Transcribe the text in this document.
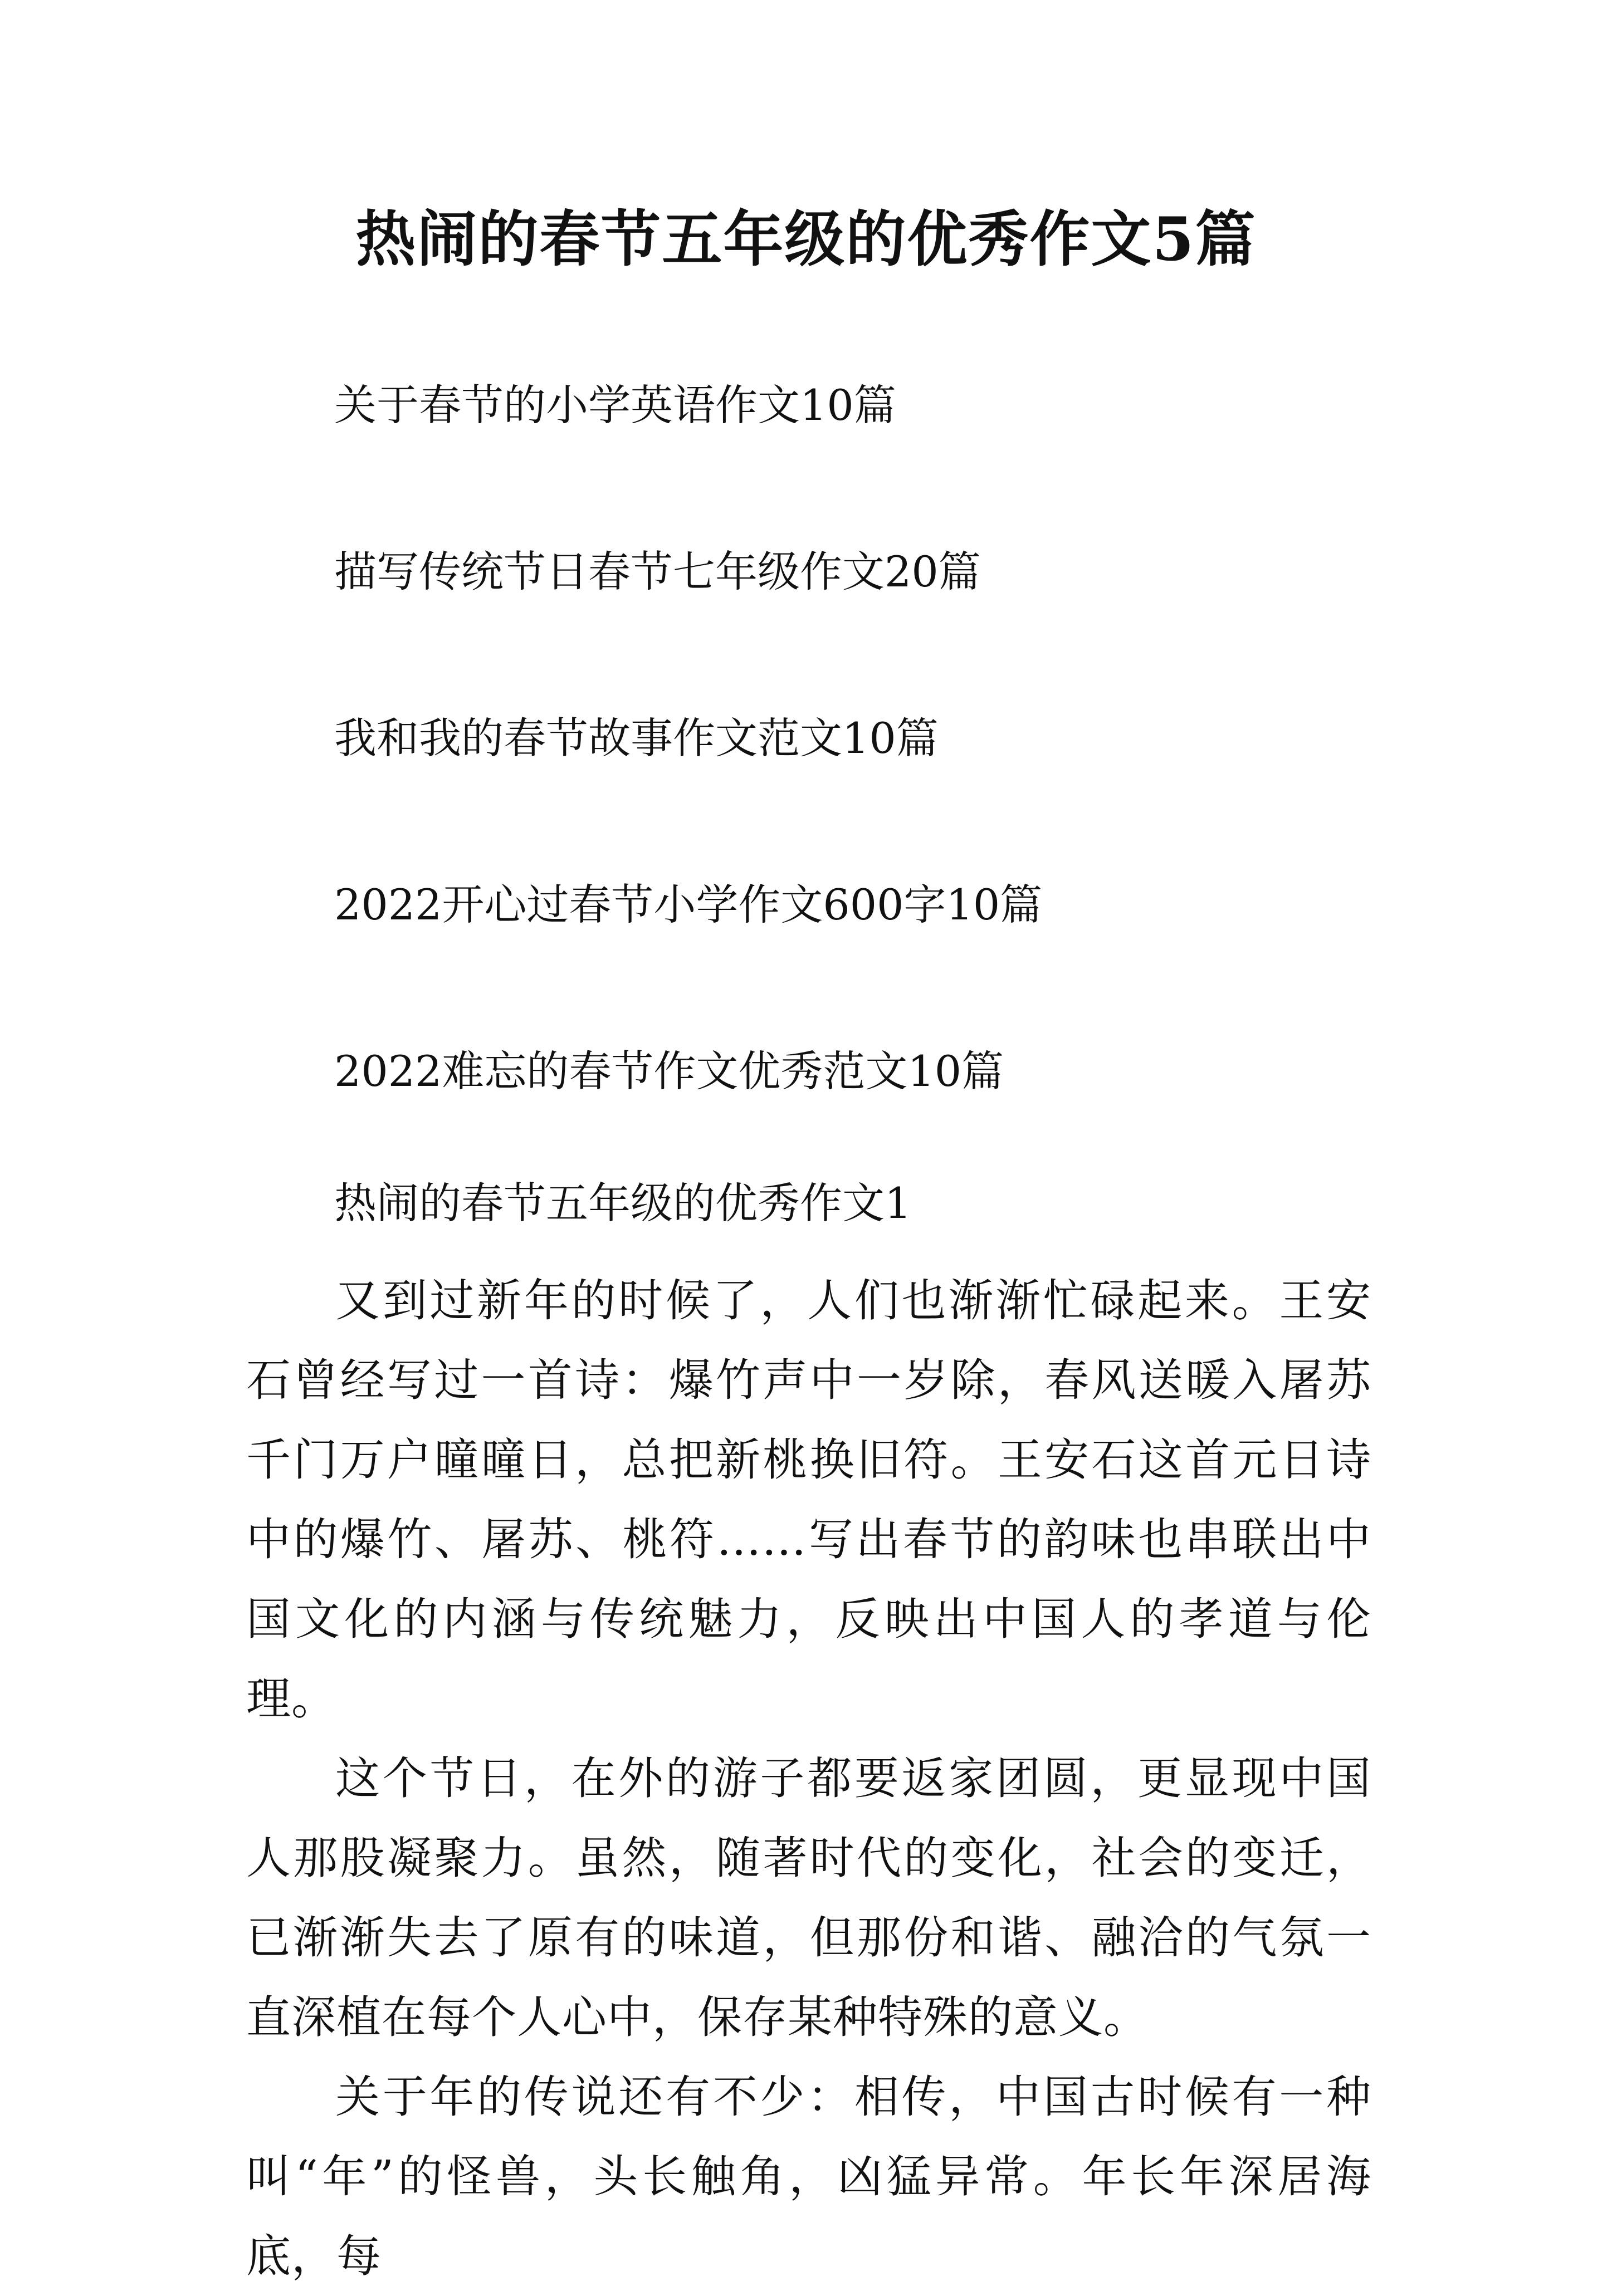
热闹的春节五年级的优秀作文5篇
关于春节的小学英语作文10篇
描写传统节日春节七年级作文20篇
我和我的春节故事作文范文10篇
2022开心过春节小学作文600字10篇
2022难忘的春节作文优秀范文10篇
热闹的春节五年级的优秀作文1

又到过新年的时候了，人们也渐渐忙碌起来。王安石曾经写过一首诗：爆竹声中一岁除，春风送暖入屠苏千门万户曈曈日，总把新桃换旧符。王安石这首元日诗中的爆竹、屠苏、桃符……写出春节的韵味也串联出中国文化的内涵与传统魅力，反映出中国人的孝道与伦理。

这个节日，在外的游子都要返家团圆，更显现中国人那股凝聚力。虽然，随著时代的变化，社会的变迁，已渐渐失去了原有的味道，但那份和谐、融洽的气氛一直深植在每个人心中，保存某种特殊的意义。

关于年的传说还有不少：相传，中国古时候有一种叫“年”的怪兽，头长触角，凶猛异常。年长年深居海底，每
